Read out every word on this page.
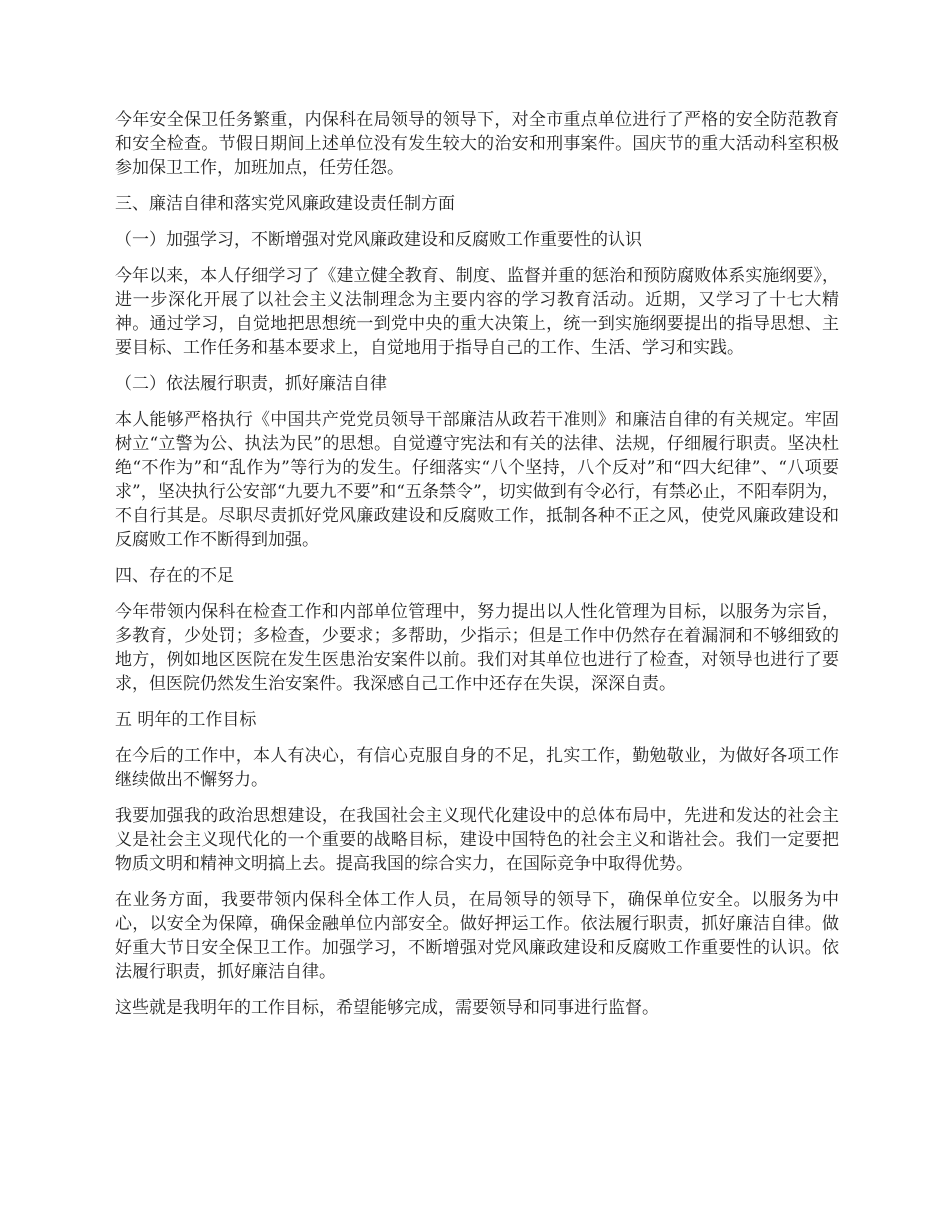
今年安全保卫任务繁重，内保科在局领导的领导下，对全市重点单位进行了严格的安全防范教育和安全检查。节假日期间上述单位没有发生较大的治安和刑事案件。国庆节的重大活动科室积极参加保卫工作，加班加点，任劳任怨。

三、廉洁自律和落实党风廉政建设责任制方面

（一）加强学习，不断增强对党风廉政建设和反腐败工作重要性的认识

今年以来，本人仔细学习了《建立健全教育、制度、监督并重的惩治和预防腐败体系实施纲要》，进一步深化开展了以社会主义法制理念为主要内容的学习教育活动。近期，又学习了十七大精神。通过学习，自觉地把思想统一到党中央的重大决策上，统一到实施纲要提出的指导思想、主要目标、工作任务和基本要求上，自觉地用于指导自己的工作、生活、学习和实践。

（二）依法履行职责，抓好廉洁自律

本人能够严格执行《中国共产党党员领导干部廉洁从政若干准则》和廉洁自律的有关规定。牢固树立“立警为公、执法为民”的思想。自觉遵守宪法和有关的法律、法规，仔细履行职责。坚决杜绝“不作为”和“乱作为”等行为的发生。仔细落实“八个坚持，八个反对”和“四大纪律”、“八项要求”，坚决执行公安部“九要九不要”和“五条禁令”，切实做到有令必行，有禁必止，不阳奉阴为，不自行其是。尽职尽责抓好党风廉政建设和反腐败工作，抵制各种不正之风，使党风廉政建设和反腐败工作不断得到加强。

四、存在的不足

今年带领内保科在检查工作和内部单位管理中，努力提出以人性化管理为目标，以服务为宗旨，多教育，少处罚；多检查，少要求；多帮助，少指示；但是工作中仍然存在着漏洞和不够细致的地方，例如地区医院在发生医患治安案件以前。我们对其单位也进行了检查，对领导也进行了要求，但医院仍然发生治安案件。我深感自己工作中还存在失误，深深自责。

五 明年的工作目标

在今后的工作中，本人有决心，有信心克服自身的不足，扎实工作，勤勉敬业，为做好各项工作继续做出不懈努力。

我要加强我的政治思想建设，在我国社会主义现代化建设中的总体布局中，先进和发达的社会主义是社会主义现代化的一个重要的战略目标，建设中国特色的社会主义和谐社会。我们一定要把物质文明和精神文明搞上去。提高我国的综合实力，在国际竞争中取得优势。

在业务方面，我要带领内保科全体工作人员，在局领导的领导下，确保单位安全。以服务为中心，以安全为保障，确保金融单位内部安全。做好押运工作。依法履行职责，抓好廉洁自律。做好重大节日安全保卫工作。加强学习，不断增强对党风廉政建设和反腐败工作重要性的认识。依法履行职责，抓好廉洁自律。

这些就是我明年的工作目标，希望能够完成，需要领导和同事进行监督。
